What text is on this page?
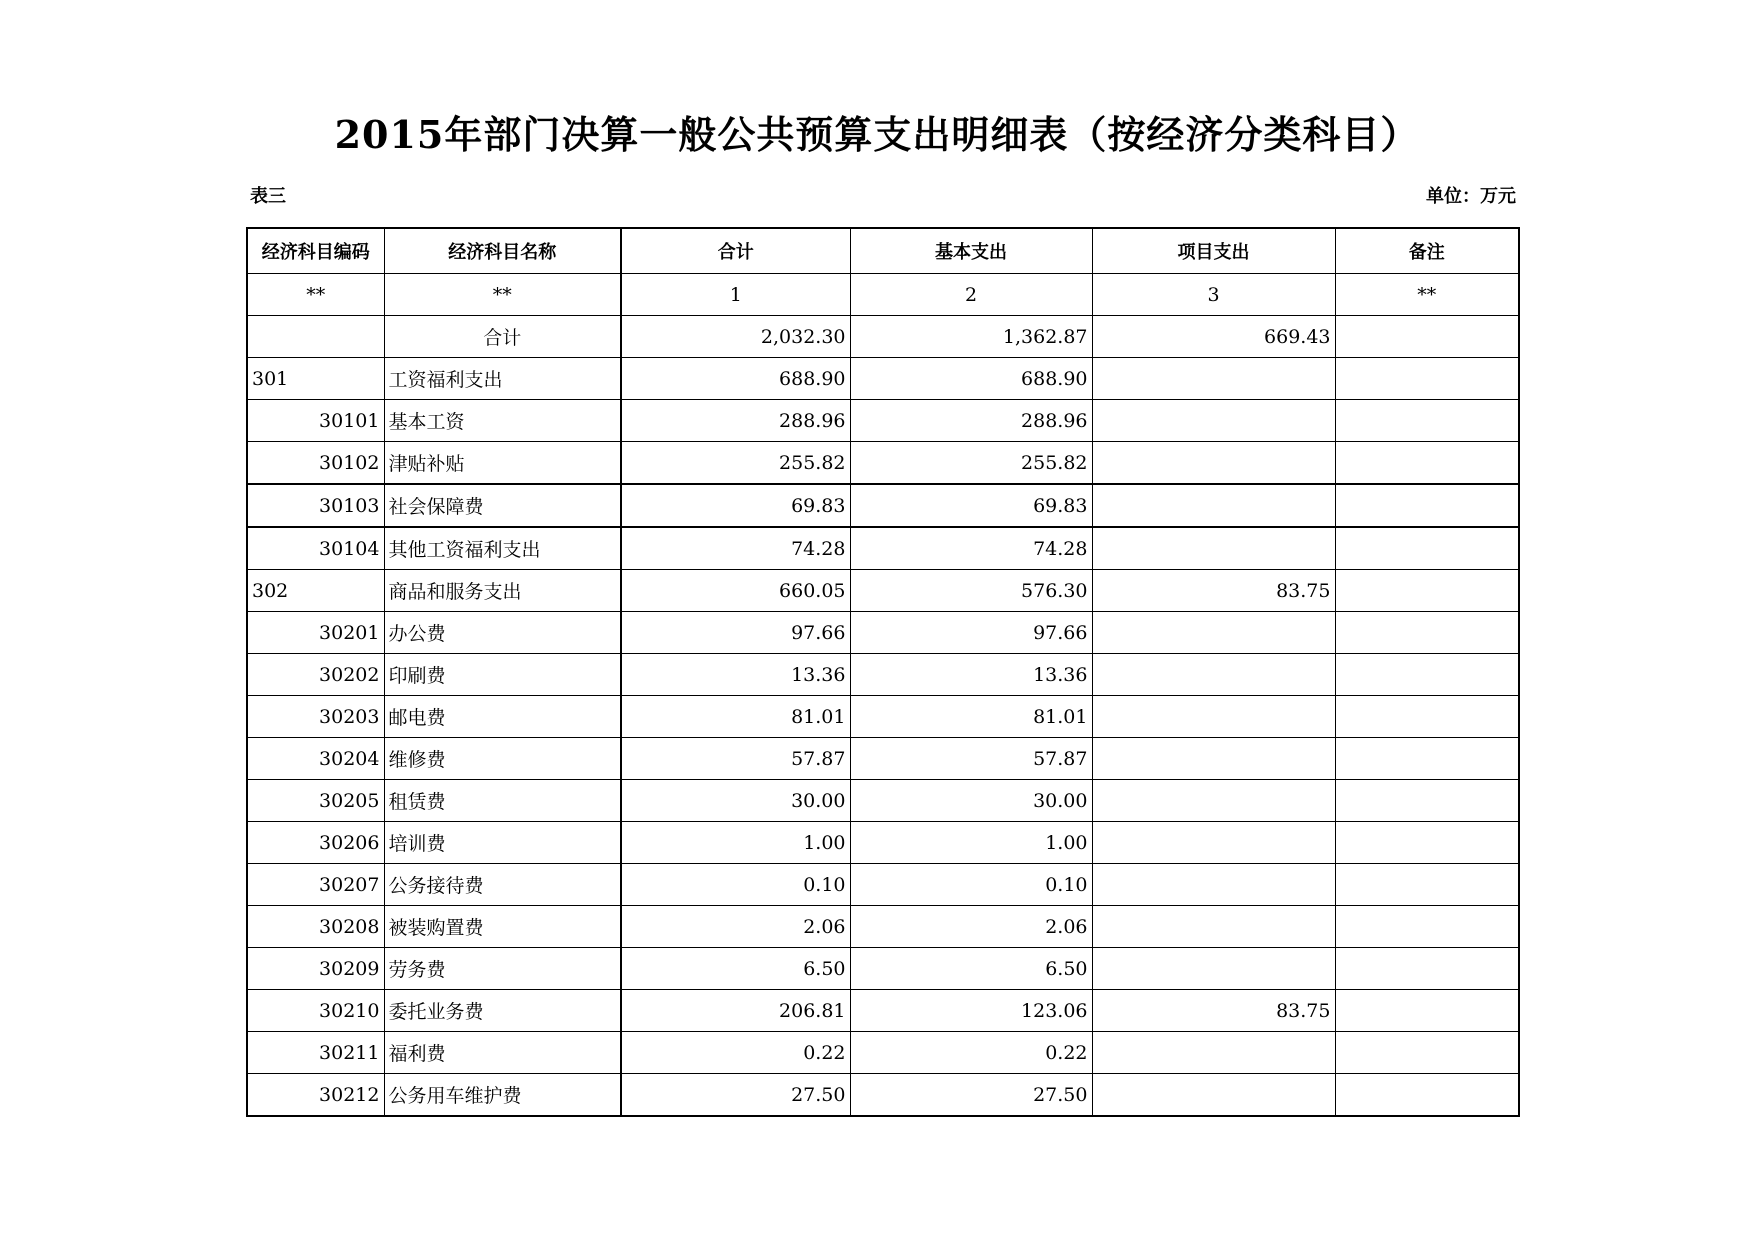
2015年部门决算一般公共预算支出明细表（按经济分类科目）
表三	单位：万元
经济科目编码	经济科目名称	合计	基本支出	项目支出	备注
**	**	1	2	3	**
	合计	2,032.30	1,362.87	669.43	
301	工资福利支出	688.90	688.90		
30101	基本工资	288.96	288.96		
30102	津贴补贴	255.82	255.82		
30103	社会保障费	69.83	69.83		
30104	其他工资福利支出	74.28	74.28		
302	商品和服务支出	660.05	576.30	83.75	
30201	办公费	97.66	97.66		
30202	印刷费	13.36	13.36		
30203	邮电费	81.01	81.01		
30204	维修费	57.87	57.87		
30205	租赁费	30.00	30.00		
30206	培训费	1.00	1.00		
30207	公务接待费	0.10	0.10		
30208	被装购置费	2.06	2.06		
30209	劳务费	6.50	6.50		
30210	委托业务费	206.81	123.06	83.75	
30211	福利费	0.22	0.22		
30212	公务用车维护费	27.50	27.50		
